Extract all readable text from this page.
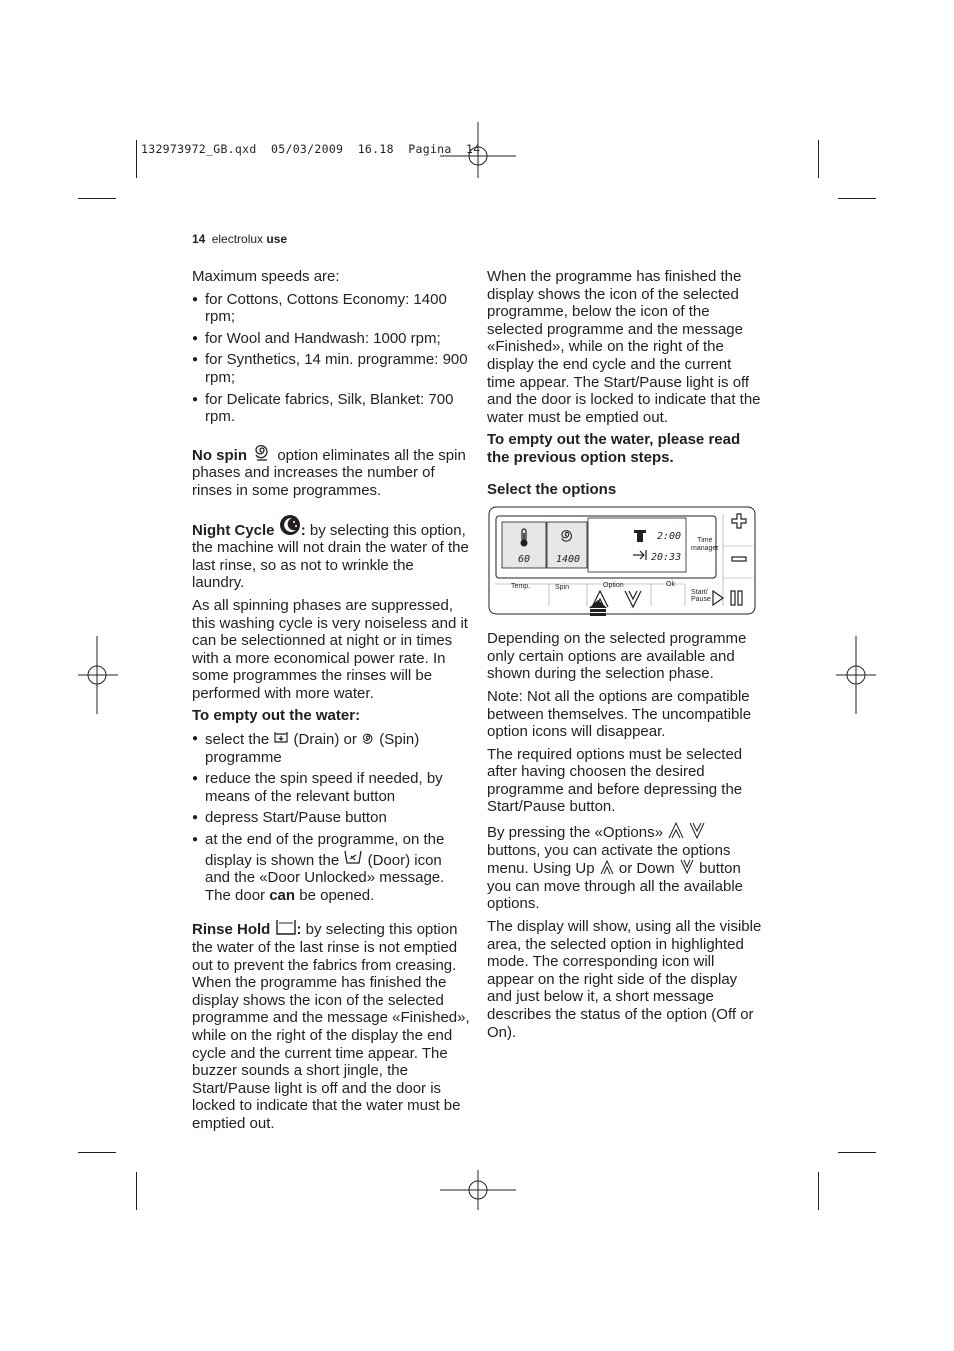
132973972_GB.qxd  05/03/2009  16.18  Pagina  14
14 electrolux use

Maximum speeds are:

● for Cottons, Cottons Economy: 1400 rpm;
● for Wool and Handwash: 1000 rpm;
● for Synthetics, 14 min. programme: 900 rpm;
● for Delicate fabrics, Silk, Blanket: 700 rpm.

No spin  option eliminates all the spin phases and increases the number of rinses in some programmes.

Night Cycle : by selecting this option, the machine will not drain the water of the last rinse, so as not to wrinkle the laundry.

As all spinning phases are suppressed, this washing cycle is very noiseless and it can be selectionned at night or in times with a more economical power rate. In some programmes the rinses will be performed with more water.

To empty out the water:

● select the  (Drain) or  (Spin) programme
● reduce the spin speed if needed, by means of the relevant button
● depress Start/Pause button
● at the end of the programme, on the display is shown the  (Door) icon and the «Door Unlocked» message. The door can be opened.

Rinse Hold : by selecting this option the water of the last rinse is not emptied out to prevent the fabrics from creasing. When the programme has finished the display shows the icon of the selected programme and the message «Finished», while on the right of the display the end cycle and the current time appear. The buzzer sounds a short jingle, the Start/Pause light is off and the door is locked to indicate that the water must be emptied out.

When the programme has finished the display shows the icon of the selected programme, below the icon of the selected programme and the message «Finished», while on the right of the display the end cycle and the current time appear. The Start/Pause light is off and the door is locked to indicate that the water must be emptied out.

To empty out the water, please read the previous option steps.

Select the options

60	1400
2:00
20:33
Time
manager
Temp.	Spin	Option	Ok
Start/
Pause

Depending on the selected programme only certain options are available and shown during the selection phase.

Note: Not all the options are compatible between themselves. The uncompatible option icons will disappear.

The required options must be selected after having choosen the desired programme and before depressing the Start/Pause button.

By pressing the «Options»  buttons, you can activate the options menu. Using Up  or Down  button you can move through all the available options.

The display will show, using all the visible area, the selected option in highlighted mode. The corresponding icon will appear on the right side of the display and just below it, a short message describes the status of the option (Off or On).
